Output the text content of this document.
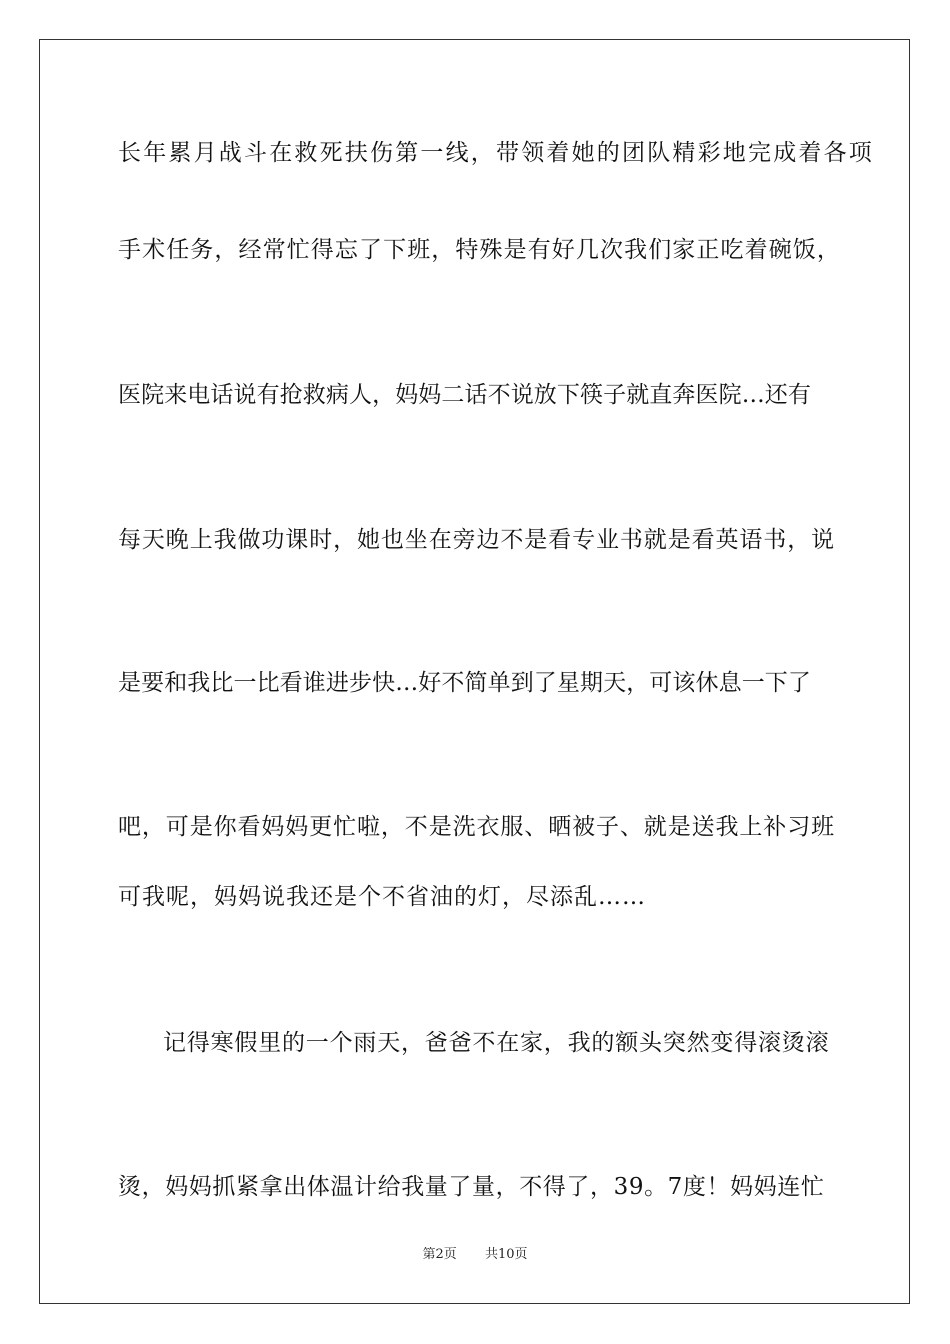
长年累月战斗在救死扶伤第一线，带领着她的团队精彩地完成着各项
手术任务，经常忙得忘了下班，特殊是有好几次我们家正吃着碗饭，
医院来电话说有抢救病人，妈妈二话不说放下筷子就直奔医院…还有
每天晚上我做功课时，她也坐在旁边不是看专业书就是看英语书，说
是要和我比一比看谁进步快…好不简单到了星期天，可该休息一下了
吧，可是你看妈妈更忙啦，不是洗衣服、晒被子、就是送我上补习班
可我呢，妈妈说我还是个不省油的灯，尽添乱……
记得寒假里的一个雨天，爸爸不在家，我的额头突然变得滚烫滚
烫，妈妈抓紧拿出体温计给我量了量，不得了，39。7度！妈妈连忙
第2页 共10页
